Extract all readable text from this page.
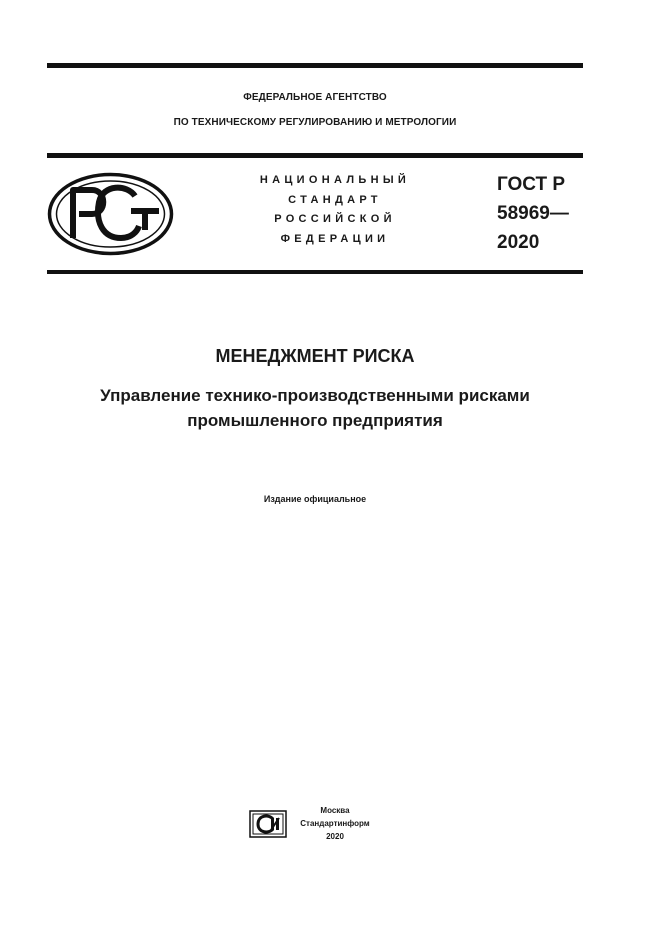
ФЕДЕРАЛЬНОЕ АГЕНТСТВО
ПО ТЕХНИЧЕСКОМУ РЕГУЛИРОВАНИЮ И МЕТРОЛОГИИ
НАЦИОНАЛЬНЫЙ
СТАНДАРТ
РОССИЙСКОЙ
ФЕДЕРАЦИИ
ГОСТ Р
58969—
2020
МЕНЕДЖМЕНТ РИСКА
Управление технико-производственными рисками
промышленного предприятия
Издание официальное
Москва
Стандартинформ
2020
